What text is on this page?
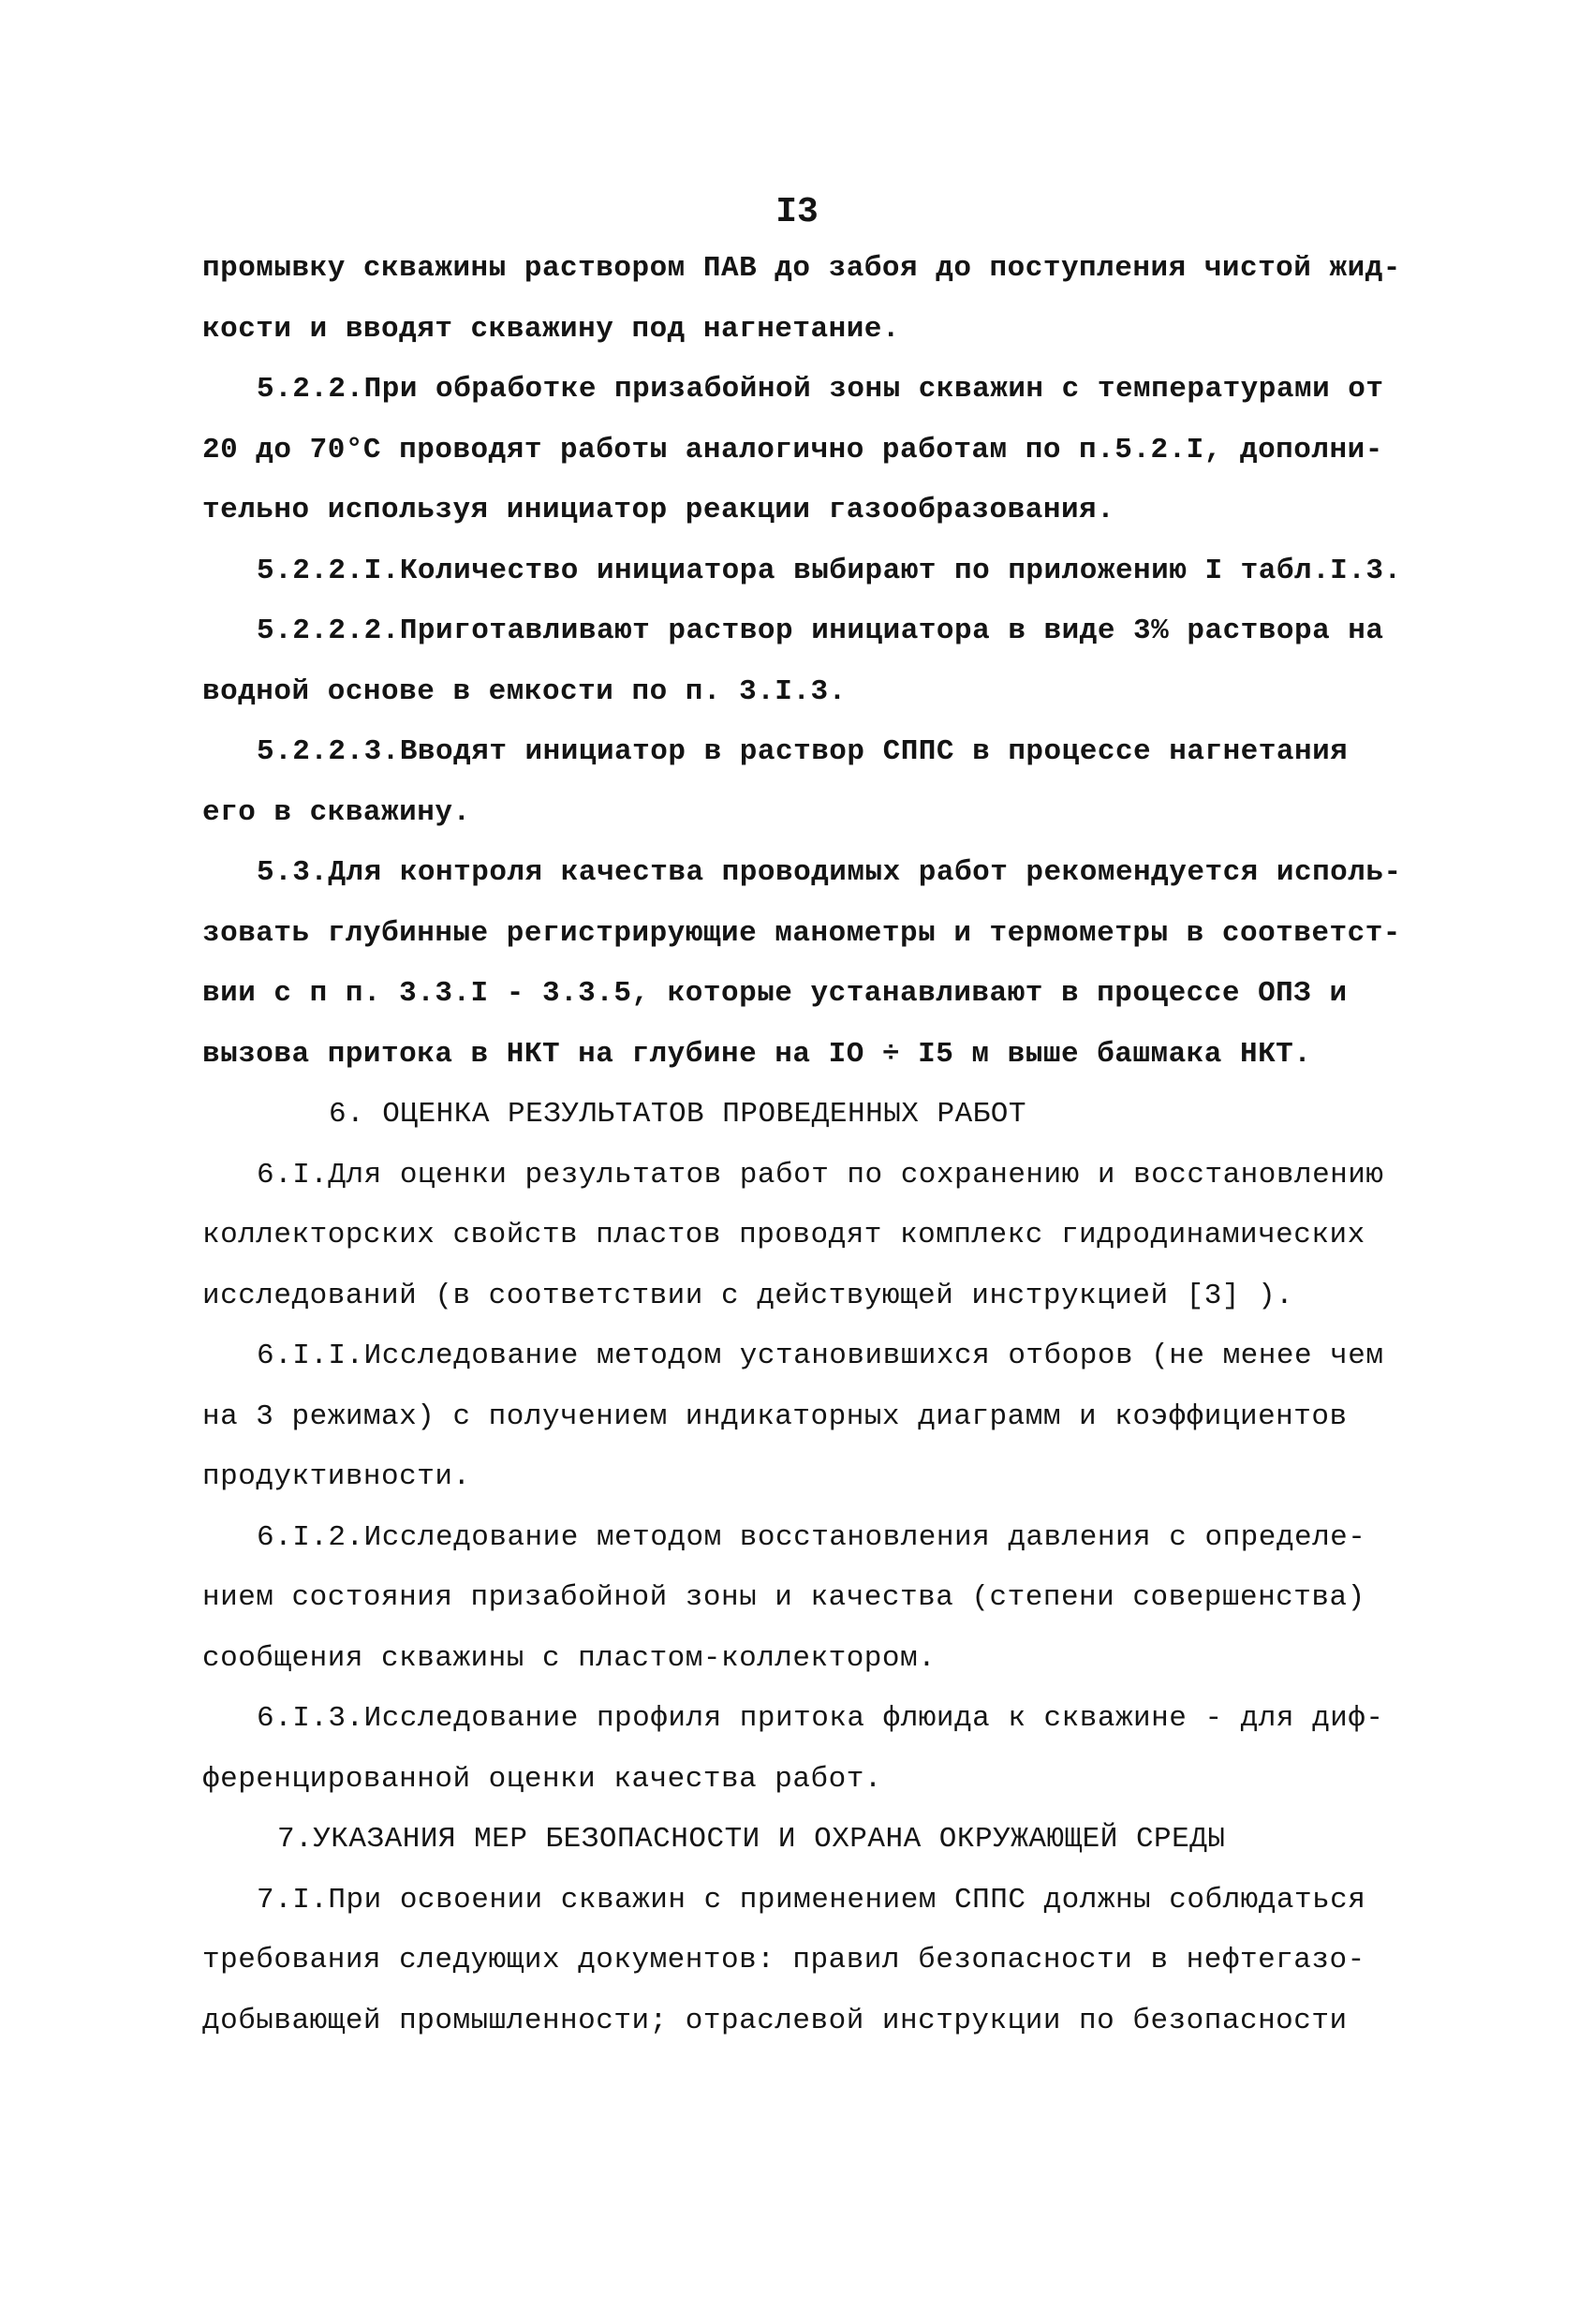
I3
промывку скважины раствором ПАВ до забоя до поступления чистой жид-
кости и вводят скважину под нагнетание.
5.2.2.При обработке призабойной зоны скважин с температурами от
20 до 70°С проводят работы аналогично работам по п.5.2.I, дополни-
тельно используя инициатор реакции газообразования.
5.2.2.I.Количество инициатора выбирают по приложению I табл.I.3.
5.2.2.2.Приготавливают раствор инициатора в виде 3% раствора на
водной основе в емкости по п. 3.I.3.
5.2.2.3.Вводят инициатор в раствор СППС в процессе нагнетания
его в скважину.
5.3.Для контроля качества проводимых работ рекомендуется исполь-
зовать глубинные регистрирующие манометры и термометры в соответст-
вии с п п. 3.3.I - 3.3.5, которые устанавливают в процессе ОПЗ и
вызова притока в НКТ на глубине на IO ÷ I5 м выше башмака НКТ.
6. ОЦЕНКА РЕЗУЛЬТАТОВ ПРОВЕДЕННЫХ РАБОТ
6.I.Для оценки результатов работ по сохранению и восстановлению
коллекторских свойств пластов проводят комплекс гидродинамических
исследований (в соответствии с действующей инструкцией [3] ).
6.I.I.Исследование методом установившихся отборов (не менее чем
на 3 режимах) с получением индикаторных диаграмм и коэффициентов
продуктивности.
6.I.2.Исследование методом восстановления давления с определе-
нием состояния призабойной зоны и качества (степени совершенства)
сообщения скважины с пластом-коллектором.
6.I.3.Исследование профиля притока флюида к скважине - для диф-
ференцированной оценки качества работ.
7.УКАЗАНИЯ МЕР БЕЗОПАСНОСТИ И ОХРАНА ОКРУЖАЮЩЕЙ СРЕДЫ
7.I.При освоении скважин с применением СППС должны соблюдаться
требования следующих документов: правил безопасности в нефтегазо-
добывающей промышленности; отраслевой инструкции по безопасности
